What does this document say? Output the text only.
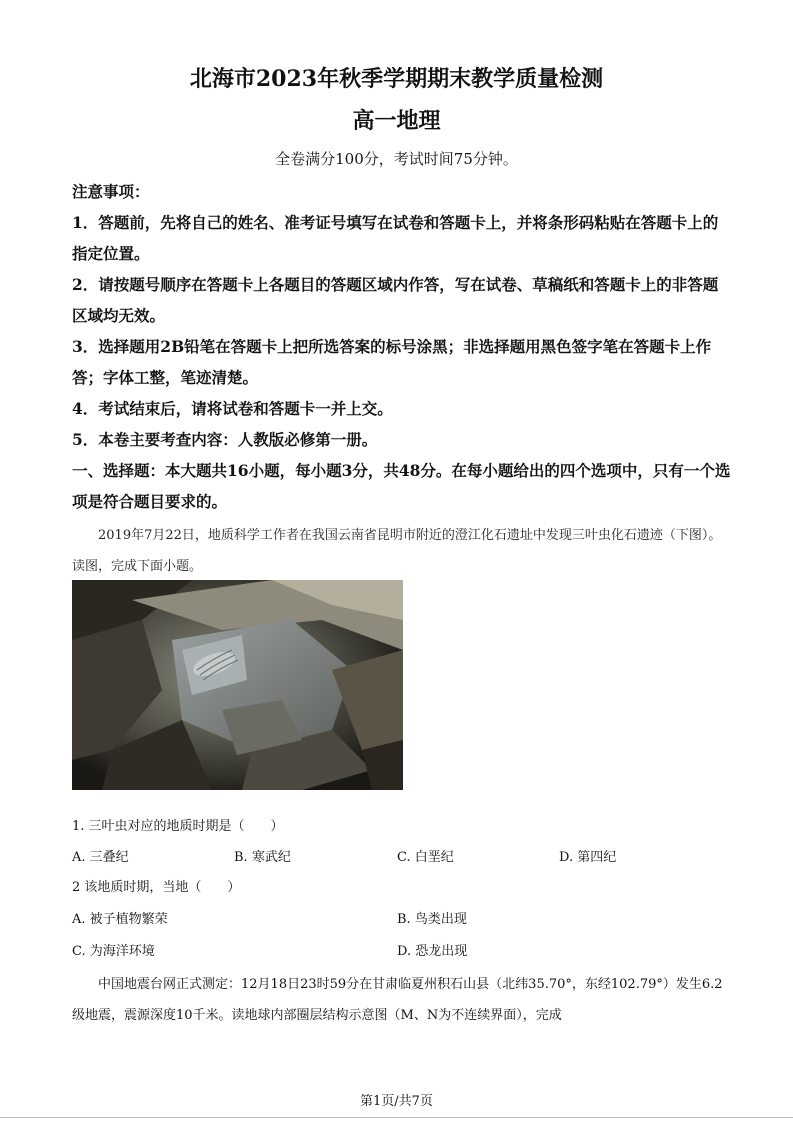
北海市2023年秋季学期期末教学质量检测
高一地理
全卷满分100分，考试时间75分钟。
注意事项：
1．答题前，先将自己的姓名、准考证号填写在试卷和答题卡上，并将条形码粘贴在答题卡上的指定位置。
2．请按题号顺序在答题卡上各题目的答题区域内作答，写在试卷、草稿纸和答题卡上的非答题区域均无效。
3．选择题用2B铅笔在答题卡上把所选答案的标号涂黑；非选择题用黑色签字笔在答题卡上作答；字体工整，笔迹清楚。
4．考试结束后，请将试卷和答题卡一并上交。
5．本卷主要考查内容：人教版必修第一册。
一、选择题：本大题共16小题，每小题3分，共48分。在每小题给出的四个选项中，只有一个选项是符合题目要求的。
2019年7月22日，地质科学工作者在我国云南省昆明市附近的澄江化石遗址中发现三叶虫化石遗迹（下图）。读图，完成下面小题。
1. 三叶虫对应的地质时期是（　　）
A. 三叠纪	B. 寒武纪	C. 白垩纪	D. 第四纪
2 该地质时期，当地（　　）
A. 被子植物繁荣	B. 鸟类出现
C. 为海洋环境	D. 恐龙出现
中国地震台网正式测定：12月18日23时59分在甘肃临夏州积石山县（北纬35.70°，东经102.79°）发生6.2级地震，震源深度10千米。读地球内部圈层结构示意图（M、N为不连续界面），完成
第1页/共7页
